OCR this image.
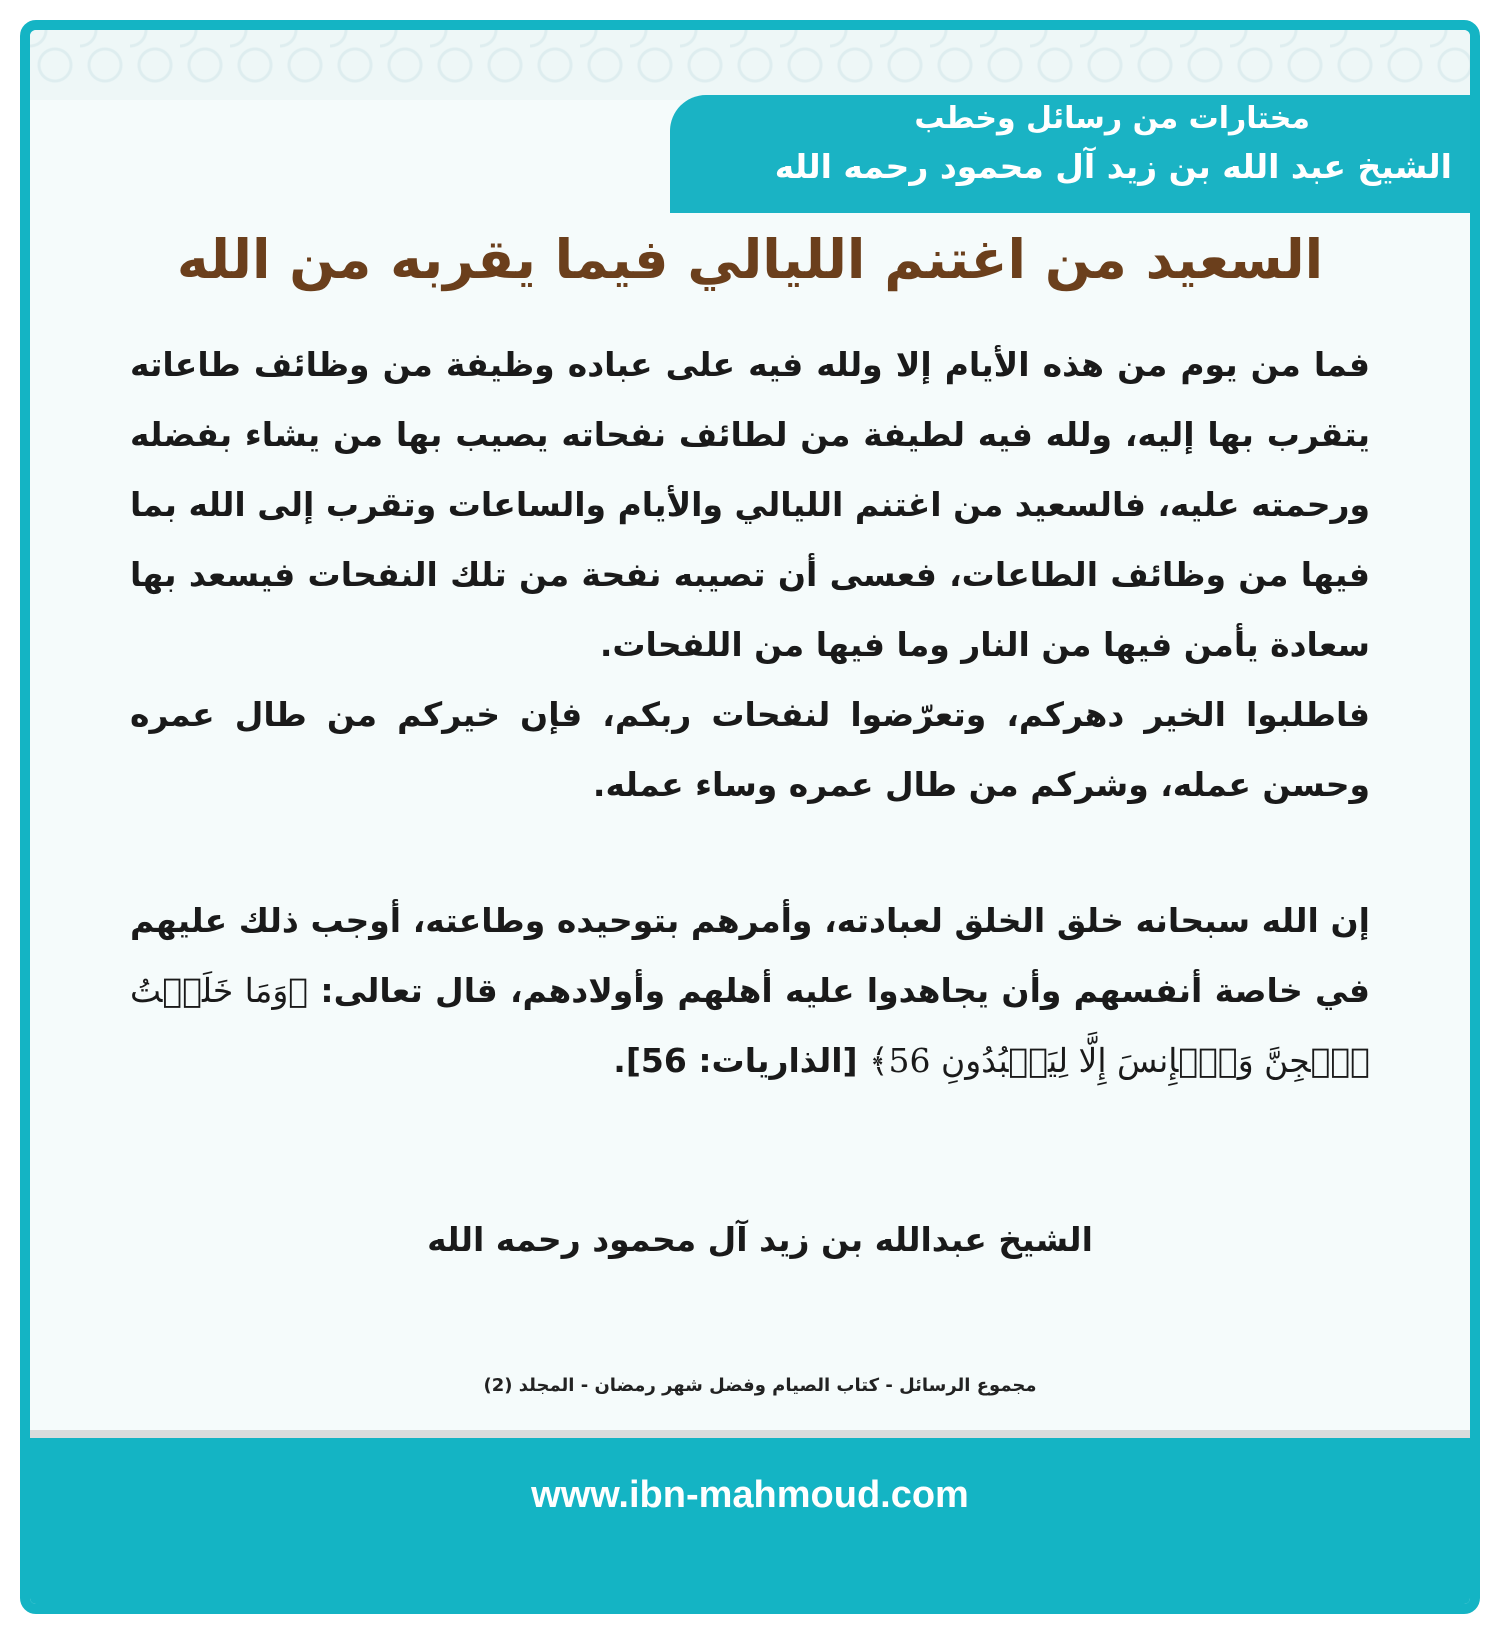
مختارات من رسائل وخطب
الشيخ عبد الله بن زيد آل محمود رحمه الله
السعيد من اغتنم الليالي فيما يقربه من الله

فما من يوم من هذه الأيام إلا ولله فيه على عباده وظيفة من وظائف طاعاته يتقرب بها إليه، ولله فيه لطيفة من لطائف نفحاته يصيب بها من يشاء بفضله ورحمته عليه، فالسعيد من اغتنم الليالي والأيام والساعات وتقرب إلى الله بما فيها من وظائف الطاعات، فعسى أن تصيبه نفحة من تلك النفحات فيسعد بها سعادة يأمن فيها من النار وما فيها من اللفحات.

فاطلبوا الخير دهركم، وتعرّضوا لنفحات ربكم، فإن خيركم من طال عمره وحسن عمله، وشركم من طال عمره وساء عمله.

إن الله سبحانه خلق الخلق لعبادته، وأمرهم بتوحيده وطاعته، أوجب ذلك عليهم في خاصة أنفسهم وأن يجاهدوا عليه أهلهم وأولادهم، قال تعالى: ﴿وَمَا خَلَقۡتُ ٱلۡجِنَّ وَٱلۡإِنسَ إِلَّا لِيَعۡبُدُونِ 56﴾ [الذاريات: 56].

الشيخ عبدالله بن زيد آل محمود رحمه الله
مجموع الرسائل - كتاب الصيام وفضل شهر رمضان - المجلد (2)
www.ibn-mahmoud.com
